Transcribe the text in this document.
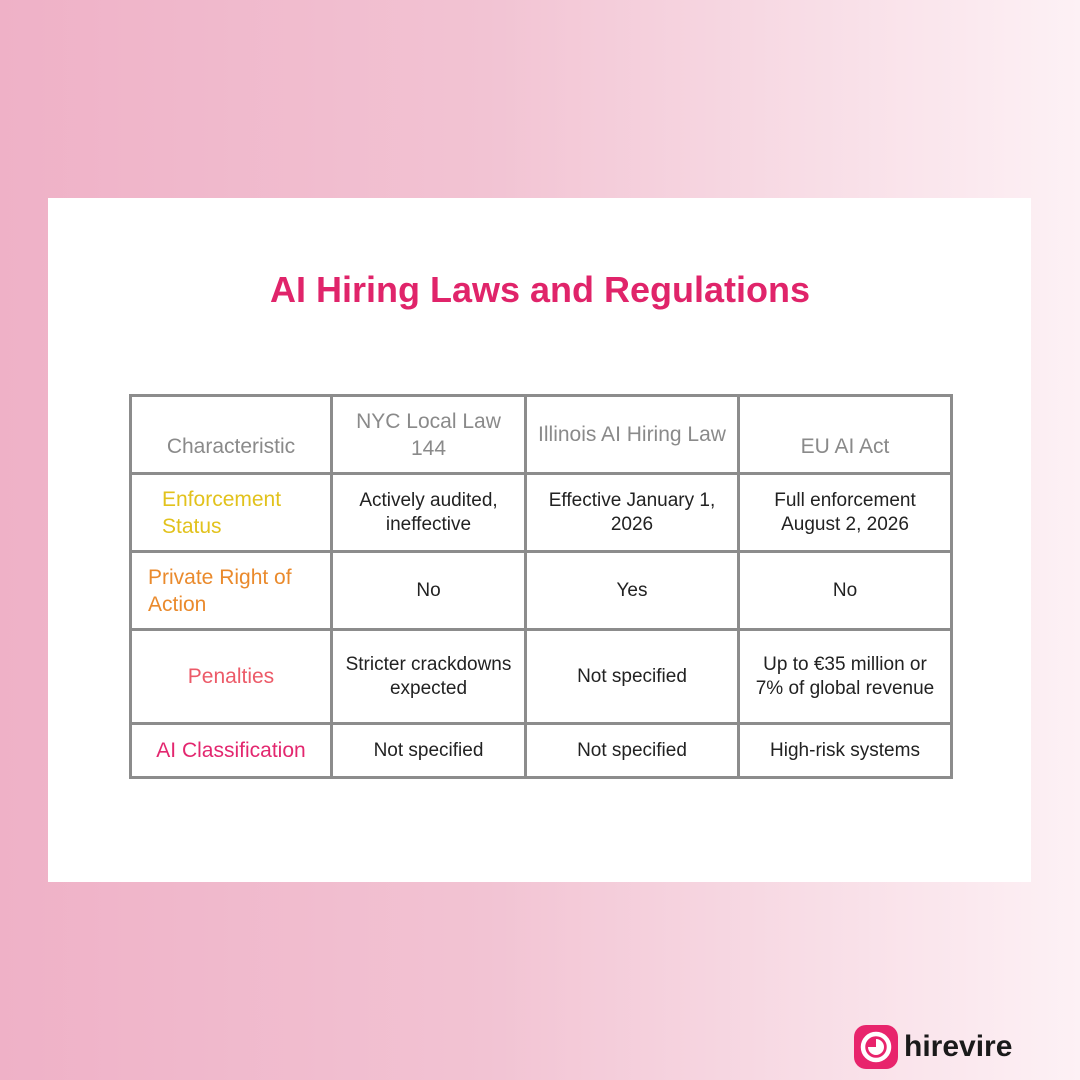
AI Hiring Laws and Regulations
Characteristic	NYC Local Law 144	Illinois AI Hiring Law	EU AI Act
Enforcement Status	Actively audited, ineffective	Effective January 1, 2026	Full enforcement August 2, 2026
Private Right of Action	No	Yes	No
Penalties	Stricter crackdowns expected	Not specified	Up to €35 million or 7% of global revenue
AI Classification	Not specified	Not specified	High-risk systems
hirevire
